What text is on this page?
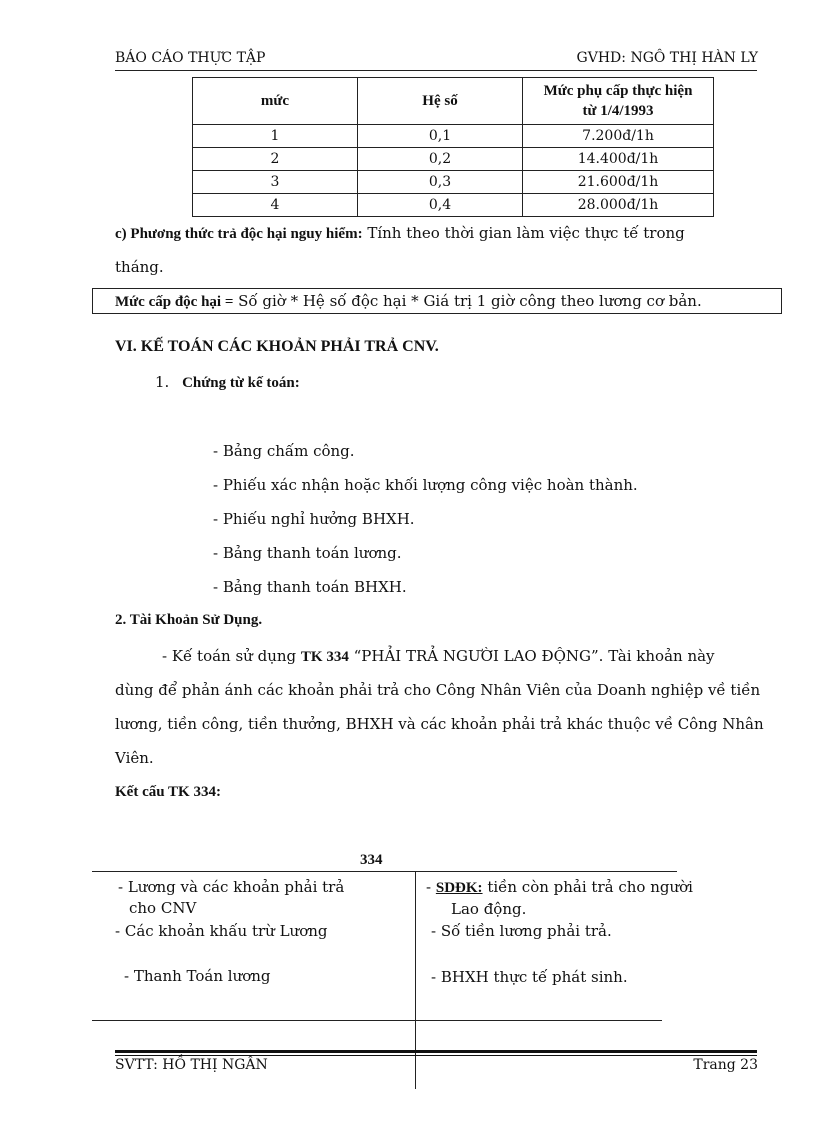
BÁO CÁO THỰC TẬP	GVHD: NGÔ THỊ HÀN LY
mức	Hệ số	Mức phụ cấp thực hiện từ 1/4/1993
1	0,1	7.200đ/1h
2	0,2	14.400đ/1h
3	0,3	21.600đ/1h
4	0,4	28.000đ/1h
c) Phương thức trả độc hại nguy hiểm: Tính theo thời gian làm việc thực tế trong
tháng.
Mức cấp độc hại = Số giờ * Hệ số độc hại * Giá trị 1 giờ công theo lương cơ bản.
VI. KẾ TOÁN CÁC KHOẢN PHẢI TRẢ CNV.
1. Chứng từ kế toán:
- Bảng chấm công.
- Phiếu xác nhận hoặc khối lượng công việc hoàn thành.
- Phiếu nghỉ hưởng BHXH.
- Bảng thanh toán lương.
- Bảng thanh toán BHXH.
2. Tài Khoản Sử Dụng.
- Kế toán sử dụng TK 334 “PHẢI TRẢ NGƯỜI LAO ĐỘNG”. Tài khoản này
dùng để phản ánh các khoản phải trả cho Công Nhân Viên của Doanh nghiệp về tiền
lương, tiền công, tiền thưởng, BHXH và các khoản phải trả khác thuộc về Công Nhân
Viên.
Kết cấu TK 334:
334
- Lương và các khoản phải trả
cho CNV
- Các khoản khấu trừ Lương
- Thanh Toán lương
- SDĐK: tiền còn phải trả cho người
Lao động.
- Số tiền lương phải trả.
- BHXH thực tế phát sinh.
SVTT: HỒ THỊ NGÂN	Trang 23
